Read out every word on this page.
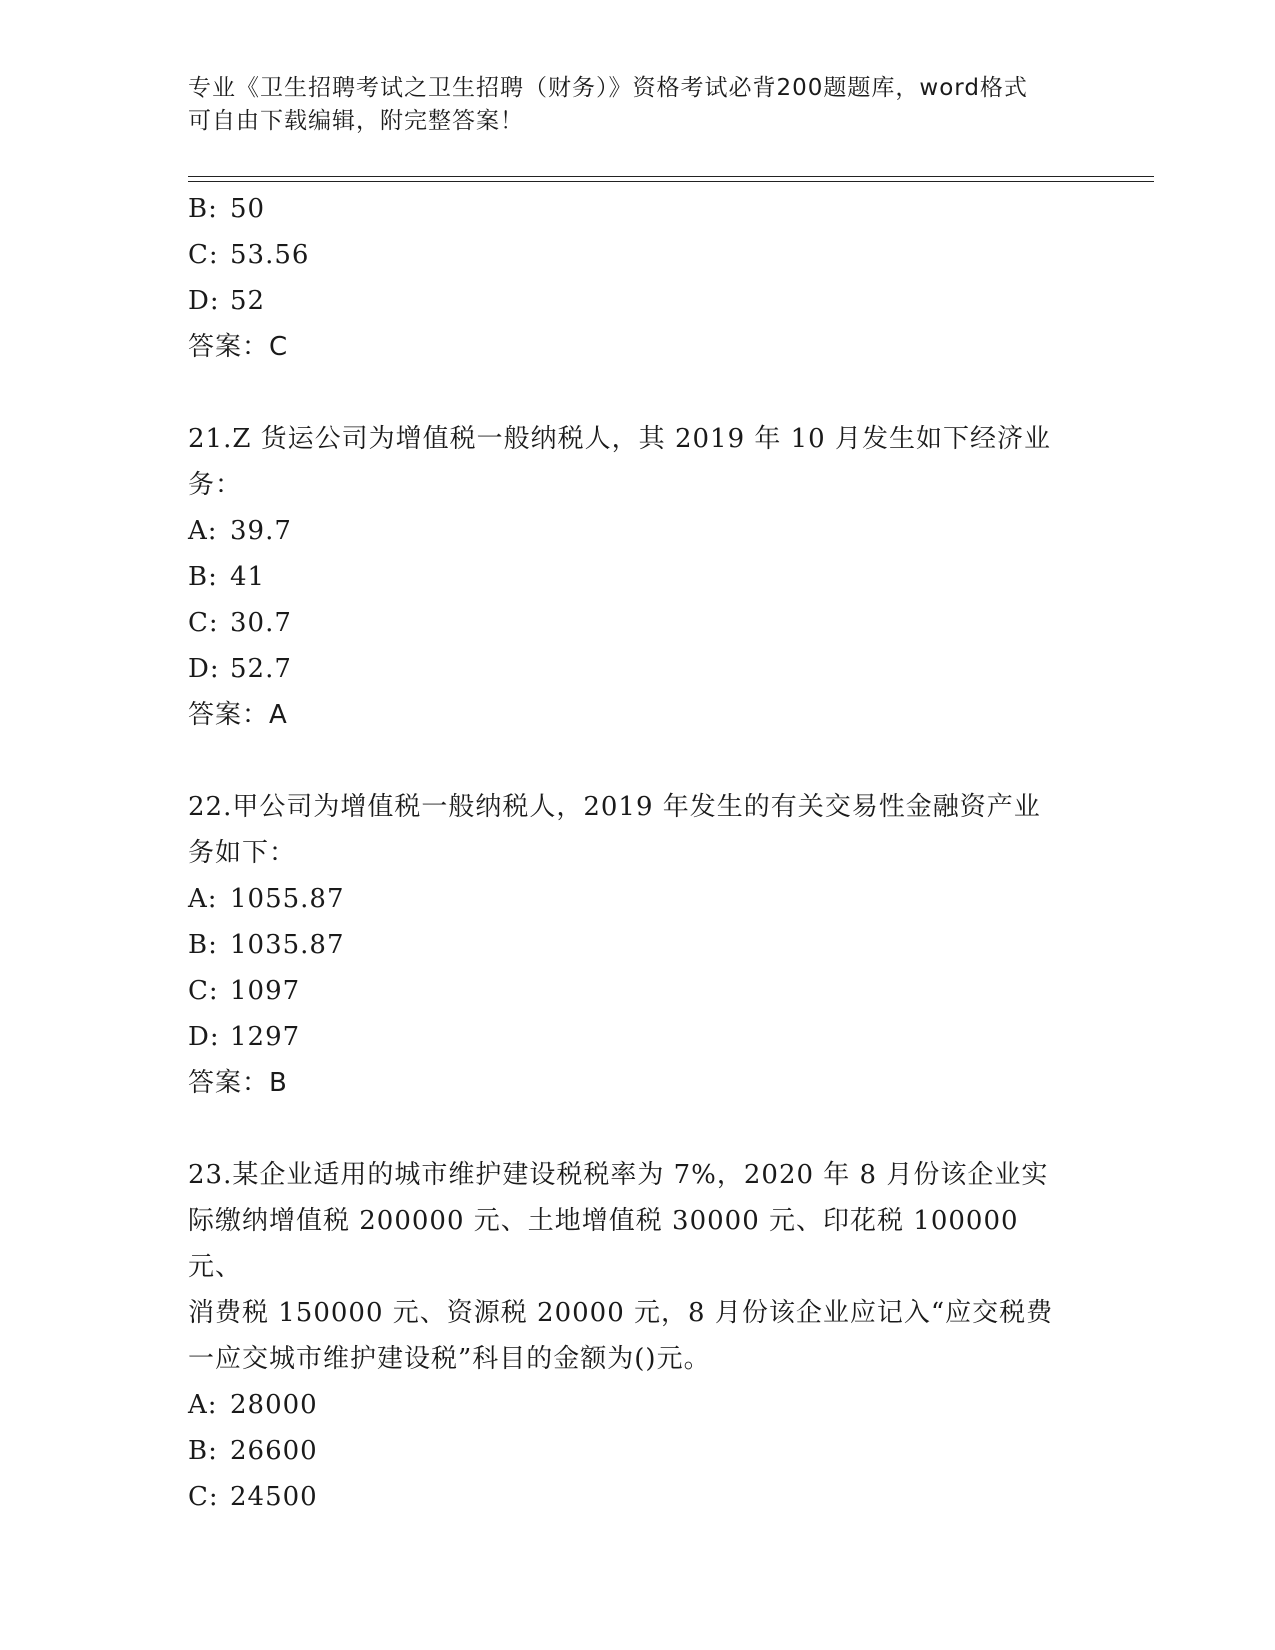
专业《卫生招聘考试之卫生招聘（财务）》资格考试必背200题题库，word格式
可自由下载编辑，附完整答案！
B: 50
C: 53.56
D: 52
答案：C
21.Z 货运公司为增值税一般纳税人，其 2019 年 10 月发生如下经济业
务：
A: 39.7
B: 41
C: 30.7
D: 52.7
答案：A
22.甲公司为增值税一般纳税人，2019 年发生的有关交易性金融资产业
务如下：
A: 1055.87
B: 1035.87
C: 1097
D: 1297
答案：B
23.某企业适用的城市维护建设税税率为 7%，2020 年 8 月份该企业实
际缴纳增值税 200000 元、土地增值税 30000 元、印花税 100000 元、
消费税 150000 元、资源税 20000 元，8 月份该企业应记入“应交税费
一应交城市维护建设税”科目的金额为()元。
A: 28000
B: 26600
C: 24500
